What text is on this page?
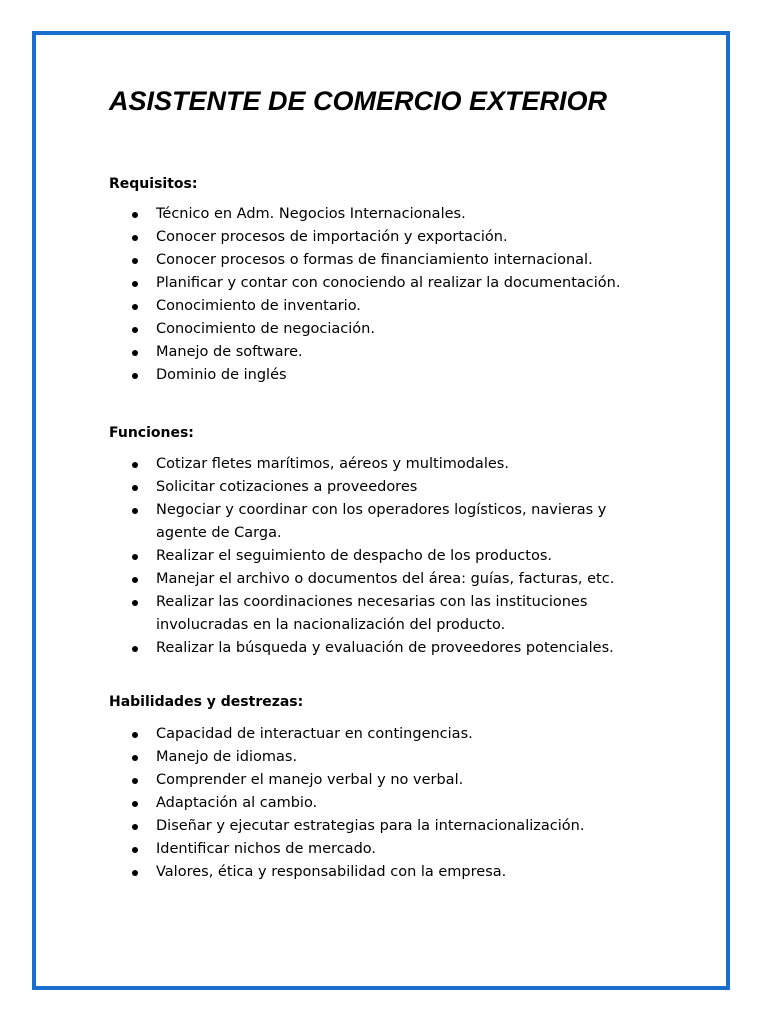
ASISTENTE DE COMERCIO EXTERIOR
Requisitos:
Técnico en Adm. Negocios Internacionales.
Conocer procesos de importación y exportación.
Conocer procesos o formas de financiamiento internacional.
Planificar y contar con conociendo al realizar la documentación.
Conocimiento de inventario.
Conocimiento de negociación.
Manejo de software.
Dominio de inglés
Funciones:
Cotizar fletes marítimos, aéreos y multimodales.
Solicitar cotizaciones a proveedores
Negociar y coordinar con los operadores logísticos, navieras y agente de Carga.
Realizar el seguimiento de despacho de los productos.
Manejar el archivo o documentos del área: guías, facturas, etc.
Realizar las coordinaciones necesarias con las instituciones involucradas en la nacionalización del producto.
Realizar la búsqueda y evaluación de proveedores potenciales.
Habilidades y destrezas:
Capacidad de interactuar en contingencias.
Manejo de idiomas.
Comprender el manejo verbal y no verbal.
Adaptación al cambio.
Diseñar y ejecutar estrategias para la internacionalización.
Identificar nichos de mercado.
Valores, ética y responsabilidad con la empresa.
